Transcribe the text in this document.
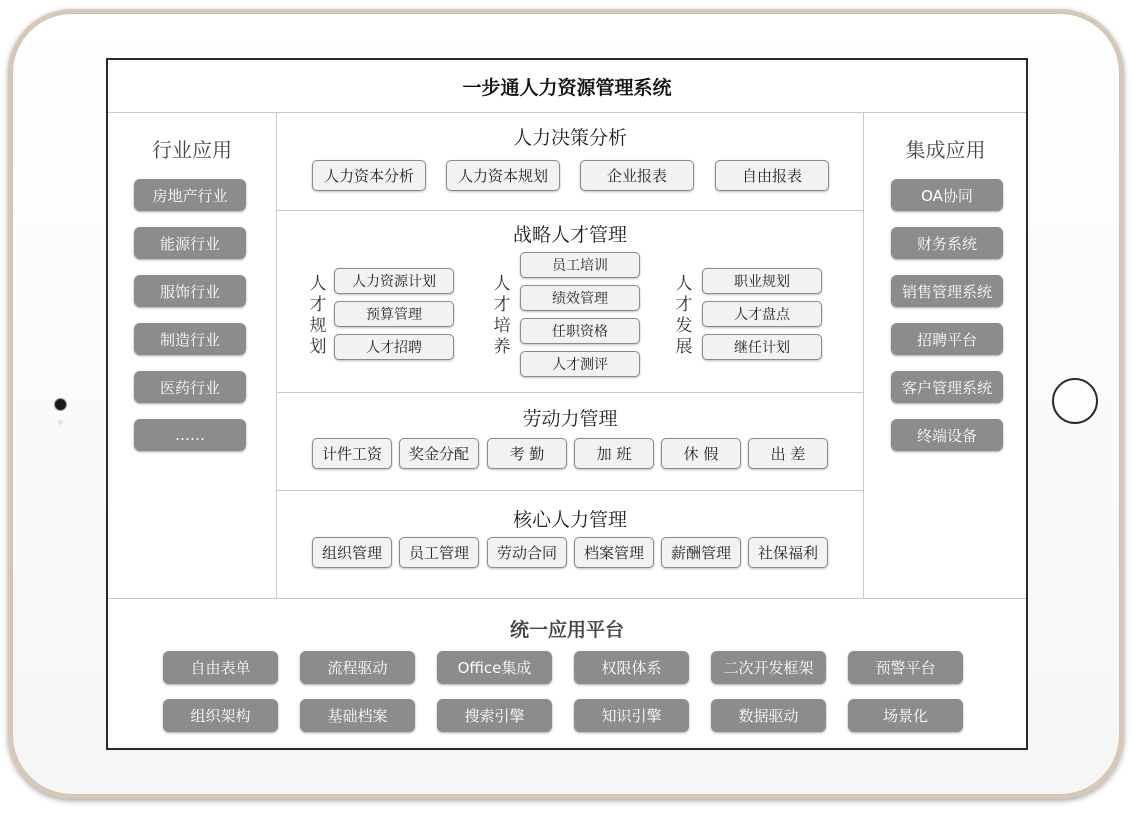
一步通人力资源管理系统
行业应用
房地产行业
能源行业
服饰行业
制造行业
医药行业
……
人力决策分析
人力资本分析	人力资本规划	企业报表	自由报表
战略人才管理
人才规划
人力资源计划
预算管理
人才招聘
人才培养
员工培训
绩效管理
任职资格
人才测评
人才发展
职业规划
人才盘点
继任计划
劳动力管理
计件工资	奖金分配	考 勤	加 班	休 假	出 差
核心人力管理
组织管理	员工管理	劳动合同	档案管理	薪酬管理	社保福利
集成应用
OA协同
财务系统
销售管理系统
招聘平台
客户管理系统
终端设备
统一应用平台
自由表单	流程驱动	Office集成	权限体系	二次开发框架	预警平台
组织架构	基础档案	搜索引擎	知识引擎	数据驱动	场景化
